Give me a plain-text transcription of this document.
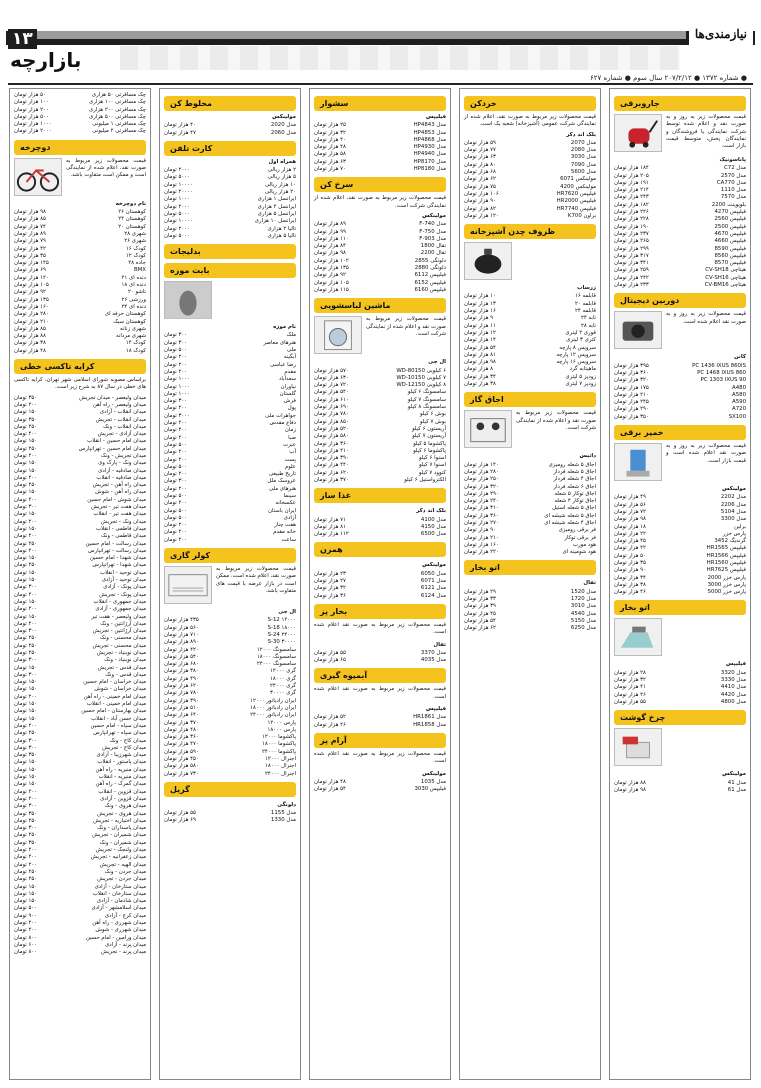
۱۳	نیازمندی‌ها
بازارچه
● شماره ۱۳۷۲ ● ۲۰۷/۲/۱۲ سال سوم ● شماره ۶۲۷
جاروبرقی
قیمت محصولات زیر به روز و به صورت نقد و اعلام شده توسط شرکت نمایندگی یا فروشندگان و نمایندگان پخش، متوسط قیمت بازار است.
پاناسونیک
مدل C72
۱۸۴ هزار تومان
مدل 2570
۲۰۵ هزار تومان
مدل CA770
۱۹۱ هزار تومان
مدل 1110
۲۱۴ هزار تومان
مدل 7570
۲۴۳ هزار تومان
بلوپوینت 2200
۱۸۲ هزار تومان
فیلیپس 4270
۲۲۶ هزار تومان
فیلیپس 2560
۲۲۸ هزار تومان
فیلیپس 2500
۱۹۰ هزار تومان
فیلیپس 4670
۲۳۷ هزار تومان
فیلیپس 4660
۲۶۵ هزار تومان
فیلیپس 8590
۲۹۹ هزار تومان
فیلیپس 8560
۳۱۷ هزار تومان
فیلیپس 8570
۳۴۱ هزار تومان
هیتاچی CV-SH18
۲۵۹ هزار تومان
هیتاچی CV-SH16
۲۴۲ هزار تومان
هیتاچی CV-BM16
۲۳۳ هزار تومان
دوربین دیجیتال
قیمت محصولات زیر به روز و به صورت نقد اعلام شده است.
کانن
PC 1436 IXUS 860IS
۳۹۵ هزار تومان
PC 1468 IXUS 860
۳۶۰ هزار تومان
PC 1303 IXUS 90
۳۲۰ هزار تومان
A480
۱۷۵ هزار تومان
A580
۲۱۰ هزار تومان
A590
۲۴۵ هزار تومان
A720
۲۹۰ هزار تومان
SX100
۳۵۰ هزار تومان
خمیر برقی
قیمت محصولات زیر به روز و به صورت نقد اعلام شده است و قیمت بازار است.
مولینکس
مدل 2202
۴۹ هزار تومان
مدل 2206
۵۶ هزار تومان
مدل 5104
۷۲ هزار تومان
مدل 3300
۹۸ هزار تومان
برلین
۱۸ هزار تومان
پارس خزر
۲۲ هزار تومان
گرندیگ 3452
۴۵ هزار تومان
فیلیپس HR1565
۴۲ هزار تومان
فیلیپس HR1566
۵۰ هزار تومان
فیلیپس HR1560
۳۵ هزار تومان
فیلیپس HR7625
۹۰ هزار تومان
پارس خزر 2000
۳۴ هزار تومان
پارس خزر 3000
۳۸ هزار تومان
پارس خزر 5000
۴۶ هزار تومان
اتو بخار
فیلیپس
مدل 3320
۲۸ هزار تومان
مدل 3330
۳۲ هزار تومان
مدل 4410
۴۱ هزار تومان
مدل 4420
۴۶ هزار تومان
مدل 4800
۵۵ هزار تومان
چرخ گوشت
مولینکس
مدل 41
۸۸ هزار تومان
مدل 61
۹۸ هزار تومان
خردکن
قیمت محصولات زیر مربوط به صورت نقد، اعلام شده از نمایندگی شرکت عمومی (آشپزخانه) شعبه یک است.
بلک اند دکر
مدل 2070
۵۹ هزار تومان
مدل 2080
۷۷ هزار تومان
مدل 3030
۶۳ هزار تومان
مدل 7090
۸۰ هزار تومان
مدل 5600
۶۸ هزار تومان
مولینکس 6071
۶۲ هزار تومان
مولینکس 4200
۷۵ هزار تومان
فیلیپس HR7620
۱۰۶ هزار تومان
فیلیپس HR2000
۹۰ هزار تومان
فیلیپس HR7740
۸۲ هزار تومان
براون K700
۱۲۰ هزار تومان
ظروف چدن آشپزخانه
زرساب
قابلمه ۱۶
۱۰ هزار تومان
قابلمه ۲۰
۱۳ هزار تومان
قابلمه ۲۴
۱۶ هزار تومان
تابه ۲۴
۹ هزار تومان
تابه ۲۸
۱۱ هزار تومان
قوری ۲ لیتری
۱۲ هزار تومان
کتری ۳ لیتری
۱۴ هزار تومان
سرویس ۸ پارچه
۵۴ هزار تومان
سرویس ۱۲ پارچه
۸۱ هزار تومان
سرویس ۱۶ پارچه
۹۸ هزار تومان
ماهیتابه گرد
۸ هزار تومان
زودپز ۵ لیتری
۳۴ هزار تومان
زودپز ۷ لیتری
۳۸ هزار تومان
اجاق گاز
قیمت محصولات زیر مربوط به صورت نقد و اعلام شده از نمایندگی شرکت است.
داتیس
اجاق ۵ شعله رومیزی
۱۴۰ هزار تومان
اجاق ۵ شعله فردار
۲۸۰ هزار تومان
اجاق ۴ شعله فردار
۲۵۰ هزار تومان
اجاق ۶ شعله فردار
۳۲۰ هزار تومان
اجاق توکار ۵ شعله
۲۹۰ هزار تومان
اجاق توکار ۴ شعله
۲۴۰ هزار تومان
اجاق ۵ شعله استیل
۳۱۰ هزار تومان
اجاق ۵ شعله شیشه ای
۳۶۰ هزار تومان
اجاق ۴ شعله شیشه ای
۲۷۰ هزار تومان
فر برقی رومیزی
۹۰ هزار تومان
فر برقی توکار
۲۱۰ هزار تومان
هود مورب
۱۶۰ هزار تومان
هود شومینه ای
۲۲۰ هزار تومان
اتو بخار
تفال
مدل 1520
۲۹ هزار تومان
مدل 1720
۳۳ هزار تومان
مدل 3010
۳۹ هزار تومان
مدل 4540
۴۵ هزار تومان
مدل 5150
۵۴ هزار تومان
مدل 6250
۶۲ هزار تومان
سشوار
فیلیپس
مدل HP4843
۲۵ هزار تومان
مدل HP4853
۳۲ هزار تومان
مدل HP4868
۴۰ هزار تومان
مدل HP4930
۴۸ هزار تومان
مدل HP4940
۵۸ هزار تومان
مدل HP8170
۶۳ هزار تومان
مدل HP8180
۷۰ هزار تومان
سرخ کن
قیمت محصولات زیر مربوط به صورت نقد، اعلام شده از نمایندگی شرکت است.
مولینکس
مدل F-740
۸۹ هزار تومان
مدل F-750
۹۹ هزار تومان
مدل F-903
۱۱۰ هزار تومان
تفال 1800
۸۴ هزار تومان
تفال 2200
۹۸ هزار تومان
دلونگی 2855
۱۰۲ هزار تومان
دلونگی 2880
۱۳۵ هزار تومان
فیلیپس 6112
۹۲ هزار تومان
فیلیپس 6152
۱۰۵ هزار تومان
فیلیپس 6160
۱۱۵ هزار تومان
ماشین لباسشویی
قیمت محصولات زیر مربوط به صورت نقد و اعلام شده از نمایندگی شرکت است.
ال جی
۶ کیلویی WD-80150
۵۷۰ هزار تومان
۷ کیلویی WD-10150
۶۳۰ هزار تومان
۸ کیلویی WD-12150
۷۲۰ هزار تومان
سامسونگ ۶ کیلو
۵۴۰ هزار تومان
سامسونگ ۷ کیلو
۶۱۰ هزار تومان
سامسونگ ۸ کیلو
۶۹۰ هزار تومان
بوش ۶ کیلو
۷۸۰ هزار تومان
بوش ۷ کیلو
۸۵۰ هزار تومان
آریستون ۶ کیلو
۵۲۰ هزار تومان
آریستون ۷ کیلو
۵۸۰ هزار تومان
پاکشوما ۵ کیلو
۳۶۰ هزار تومان
پاکشوما ۶ کیلو
۴۱۰ هزار تومان
اسنوا ۶ کیلو
۳۹۰ هزار تومان
اسنوا ۷ کیلو
۴۴۰ هزار تومان
کنوود ۷ کیلو
۶۲۰ هزار تومان
الکترواستیل ۶ کیلو
۳۷۰ هزار تومان
غذا ساز
بلک اند دکر
مدل 4100
۷۱ هزار تومان
مدل 4150
۸۱ هزار تومان
مدل 6500
۱۱۲ هزار تومان
همزن
مولینکس
مدل 6050
۲۳ هزار تومان
مدل 6071
۲۷ هزار تومان
مدل 6121
۳۲ هزار تومان
مدل 6124
۳۶ هزار تومان
بخار پز
قیمت محصولات زیر مربوط به صورت نقد اعلام شده است.
تفال
مدل 3370
۵۵ هزار تومان
مدل 4035
۶۵ هزار تومان
آبمیوه گیری
قیمت محصولات زیر مربوط به صورت نقد اعلام شده است.
فیلیپس
مدل HR1861
۵۲ هزار تومان
مدل HR1858
۴۶ هزار تومان
آرام پز
قیمت محصولات زیر مربوط به صورت نقد اعلام شده است.
مولینکس
مدل 1035
۴۸ هزار تومان
فیلیپس 3030
۵۴ هزار تومان
مخلوط کن
مولینکس
مدل 2020
۴۰ هزار تومان
مدل 2060
۴۷ هزار تومان
کارت تلفن
همراه اول
۲ هزار ریالی
۲۰۰۰ تومان
۵ هزار ریالی
۵۰۰۰ تومان
۱۰ هزار ریالی
۱۰۰۰۰ تومان
۲۰ هزار ریالی
۲۰۰۰۰ تومان
ایرانسل ۱ هزاری
۱۰۰۰ تومان
ایرانسل ۲ هزاری
۲۰۰۰ تومان
ایرانسل ۵ هزاری
۵۰۰۰ تومان
ایرانسل ۱۰ هزاری
۱۰۰۰۰ تومان
تالیا ۲ هزاری
۲۰۰۰ تومان
تالیا ۵ هزاری
۵۰۰۰ تومان
بدلیجات
بابت موزه
نام موزه
ملک
۳۰۰ تومان
هنرهای معاصر
۳۰۰ تومان
ملی
۵۰۰ تومان
آبگینه
۲۰۰ تومان
رضا عباسی
۲۰۰ تومان
مقدم
۲۰۰ تومان
سعدآباد
۱۰۰۰ تومان
نیاوران
۱۰۰۰ تومان
گلستان
۱۰۰۰ تومان
فرش
۳۰۰ تومان
پول
۲۰۰ تومان
جواهرات ملی
۳۰۰۰ تومان
دفاع مقدس
۲۰۰ تومان
زمان
۴۰۰ تومان
صبا
۲۰۰ تومان
عبرت
۵۰۰ تومان
آب
۲۰۰ تومان
پست
۲۰۰ تومان
علوم
۵۰۰ تومان
تاریخ طبیعی
۲۰۰ تومان
عروسک ملل
۳۰۰ تومان
هنرهای ملی
۲۰۰ تومان
سینما
۵۰۰ تومان
عکسخانه
۲۰۰ تومان
ایران باستان
۵۰۰ تومان
آزادی
۵۰۰ تومان
هفت چنار
۲۰۰ تومان
خانه مقدم
۲۰۰ تومان
ساعت
۲۰۰ تومان
کولر گازی
قیمت محصولات زیر مربوط به صورت نقد، اعلام شده است. ممکن است در بازار عرضه با قیمت های متفاوت باشد.
ال جی
S-12 ۱۲۰۰۰
۴۳۵ هزار تومان
S-18 ۱۸۰۰۰
۵۶۰ هزار تومان
S-24 ۲۴۰۰۰
۷۱۰ هزار تومان
S-30 ۳۰۰۰۰
۸۹۰ هزار تومان
سامسونگ ۱۲۰۰۰
۴۲۰ هزار تومان
سامسونگ ۱۸۰۰۰
۵۴۰ هزار تومان
سامسونگ ۲۴۰۰۰
۶۸۰ هزار تومان
گری ۱۲۰۰۰
۳۸۰ هزار تومان
گری ۱۸۰۰۰
۴۹۰ هزار تومان
گری ۲۴۰۰۰
۶۲۰ هزار تومان
گری ۳۰۰۰۰
۷۸۰ هزار تومان
ایران رادیاتور ۱۲۰۰۰
۳۹۰ هزار تومان
ایران رادیاتور ۱۸۰۰۰
۵۱۰ هزار تومان
ایران رادیاتور ۲۴۰۰۰
۶۴۰ هزار تومان
پارس ۱۲۰۰۰
۳۷۰ هزار تومان
پارس ۱۸۰۰۰
۴۸۰ هزار تومان
پاکشوما ۱۲۰۰۰
۳۶۰ هزار تومان
پاکشوما ۱۸۰۰۰
۴۷۰ هزار تومان
پاکشوما ۲۴۰۰۰
۵۹۰ هزار تومان
اجنرال ۱۲۰۰۰
۴۵۰ هزار تومان
اجنرال ۱۸۰۰۰
۵۸۰ هزار تومان
اجنرال ۲۴۰۰۰
۷۳۰ هزار تومان
گریل
دلونگی
مدل 1155
۵۵ هزار تومان
مدل 1330
۶۹ هزار تومان
چک مسافرتی ۵۰ هزاری
۵۰ هزار تومان
چک مسافرتی ۱۰۰ هزاری
۱۰۰ هزار تومان
چک مسافرتی ۲۰۰ هزاری
۲۰۰ هزار تومان
چک مسافرتی ۵۰۰ هزاری
۵۰۰ هزار تومان
چک مسافرتی ۱ میلیونی
۱۰۰۰ هزار تومان
چک مسافرتی ۲ میلیونی
۲۰۰۰ هزار تومان
دوچرخه
قیمت محصولات زیر مربوط به صورت نقد، اعلام شده از نمایندگی است و ممکن است متفاوت باشد.
نام دوچرخه
کوهستان ۲۶
۹۸ هزار تومان
کوهستان ۲۴
۸۵ هزار تومان
کوهستان ۲۰
۷۴ هزار تومان
شهری ۲۸
۸۹ هزار تومان
شهری ۲۶
۷۹ هزار تومان
کودک ۱۶
۴۲ هزار تومان
کودک ۱۲
۳۵ هزار تومان
جاده ۲۸
۱۴۵ هزار تومان
BMX
۶۹ هزار تومان
دنده ای ۲۱
۱۲۰ هزار تومان
دنده ای ۱۸
۱۰۵ هزار تومان
تاشو ۲۰
۹۲ هزار تومان
ورزشی ۲۶
۱۳۵ هزار تومان
دنده ای ۲۴
۱۶۰ هزار تومان
کوهستان حرفه ای
۲۸۰ هزار تومان
کوهستان سبک
۲۱۰ هزار تومان
شهری زنانه
۸۵ هزار تومان
شهری مردانه
۸۸ هزار تومان
کودک ۱۴
۳۸ هزار تومان
کودک ۱۸
۴۸ هزار تومان
کرایه تاکسی خطی
براساس مصوبه شورای اسلامی شهر تهران، کرایه تاکسی های خطی در سال ۸۷ به شرح زیر است.
میدان ولیعصر - میدان تجریش
۳۵۰ تومان
میدان ولیعصر - راه آهن
۲۰۰ تومان
میدان انقلاب - آزادی
۱۵۰ تومان
میدان انقلاب - تجریش
۳۵۰ تومان
میدان انقلاب - ونک
۲۵۰ تومان
میدان آزادی - تجریش
۴۰۰ تومان
میدان امام حسین - انقلاب
۱۵۰ تومان
میدان امام حسین - تهرانپارس
۲۵۰ تومان
میدان تجریش - ونک
۲۰۰ تومان
میدان ونک - پارک وی
۱۵۰ تومان
میدان صادقیه - آزادی
۱۵۰ تومان
میدان صادقیه - انقلاب
۲۰۰ تومان
میدان راه آهن - تجریش
۴۵۰ تومان
میدان راه آهن - شوش
۱۵۰ تومان
میدان شوش - امام حسین
۲۰۰ تومان
میدان هفت تیر - تجریش
۳۰۰ تومان
میدان هفت تیر - انقلاب
۱۵۰ تومان
میدان ونک - تجریش
۲۰۰ تومان
میدان فاطمی - انقلاب
۱۵۰ تومان
میدان فاطمی - ونک
۲۰۰ تومان
میدان رسالت - امام حسین
۲۵۰ تومان
میدان رسالت - تهرانپارس
۲۰۰ تومان
میدان شهدا - امام حسین
۱۵۰ تومان
میدان شهدا - تهرانپارس
۲۵۰ تومان
میدان توحید - انقلاب
۱۵۰ تومان
میدان توحید - آزادی
۱۵۰ تومان
میدان پونک - آزادی
۳۰۰ تومان
میدان پونک - تجریش
۴۰۰ تومان
میدان جمهوری - انقلاب
۱۵۰ تومان
میدان جمهوری - آزادی
۲۰۰ تومان
میدان ولیعصر - هفت تیر
۱۵۰ تومان
میدان آرژانتین - ونک
۲۰۰ تومان
میدان آرژانتین - تجریش
۳۰۰ تومان
میدان محسنی - ونک
۲۵۰ تومان
میدان محسنی - تجریش
۲۵۰ تومان
میدان نوبنیاد - تجریش
۲۵۰ تومان
میدان نوبنیاد - ونک
۳۰۰ تومان
میدان قدس - تجریش
۱۵۰ تومان
میدان قدس - ونک
۳۰۰ تومان
میدان خراسان - امام حسین
۱۵۰ تومان
میدان خراسان - شوش
۱۵۰ تومان
میدان امام خمینی - راه آهن
۲۰۰ تومان
میدان امام خمینی - انقلاب
۱۵۰ تومان
میدان بهارستان - امام حسین
۱۵۰ تومان
میدان حسن آباد - انقلاب
۱۵۰ تومان
میدان سپاه - امام حسین
۲۰۰ تومان
میدان سپاه - تهرانپارس
۲۵۰ تومان
میدان کاج - ونک
۳۰۰ تومان
میدان کاج - تجریش
۳۰۰ تومان
میدان شهرزیبا - آزادی
۳۵۰ تومان
میدان پاستور - انقلاب
۱۵۰ تومان
میدان منیریه - راه آهن
۱۵۰ تومان
میدان منیریه - انقلاب
۱۵۰ تومان
میدان گمرک - راه آهن
۱۵۰ تومان
میدان قزوین - انقلاب
۲۰۰ تومان
میدان قزوین - آزادی
۲۰۰ تومان
میدان هروی - ونک
۳۰۰ تومان
میدان هروی - تجریش
۳۵۰ تومان
میدان اختیاریه - تجریش
۲۵۰ تومان
میدان پاسداران - ونک
۳۰۰ تومان
میدان شمیران - تجریش
۲۵۰ تومان
میدان شمیران - ونک
۳۵۰ تومان
میدان ولنجک - تجریش
۲۰۰ تومان
میدان زعفرانیه - تجریش
۲۰۰ تومان
میدان الهیه - تجریش
۲۰۰ تومان
میدان جردن - ونک
۲۵۰ تومان
میدان جردن - تجریش
۲۵۰ تومان
میدان ستارخان - آزادی
۱۵۰ تومان
میدان ستارخان - انقلاب
۱۵۰ تومان
میدان شادمان - آزادی
۱۵۰ تومان
میدان اسلامشهر - آزادی
۵۰۰ تومان
میدان کرج - آزادی
۹۰۰ تومان
میدان شهرری - راه آهن
۲۰۰ تومان
میدان شهرری - شوش
۲۰۰ تومان
میدان ورامین - امام حسین
۸۰۰ تومان
میدان پرند - آزادی
۶۰۰ تومان
میدان پرند - تجریش
۸۰۰ تومان
